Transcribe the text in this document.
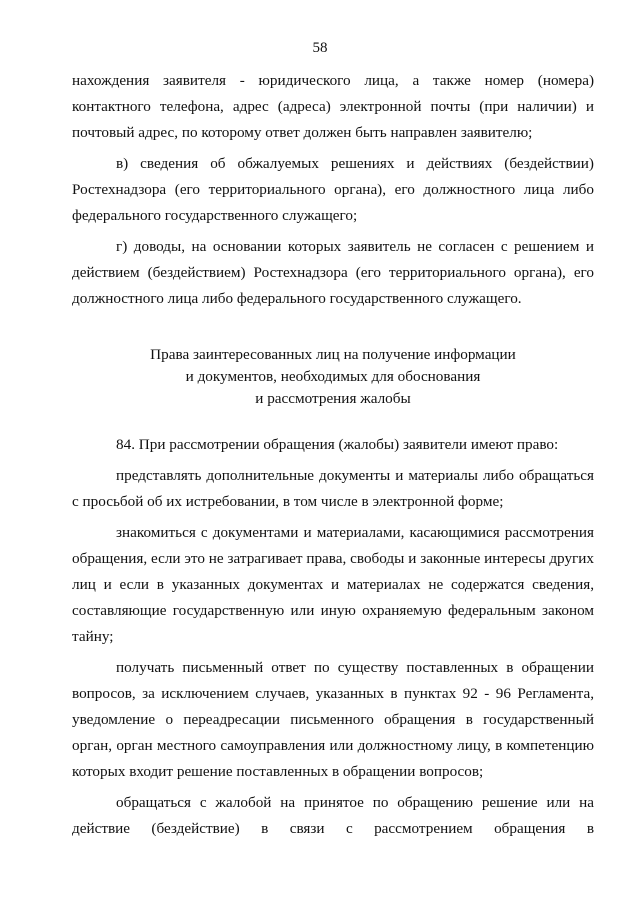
58

нахождения заявителя - юридического лица, а также номер (номера) контактного телефона, адрес (адреса) электронной почты (при наличии) и почтовый адрес, по которому ответ должен быть направлен заявителю;

в) сведения об обжалуемых решениях и действиях (бездействии) Ростехнадзора (его территориального органа), его должностного лица либо федерального государственного служащего;

г) доводы, на основании которых заявитель не согласен с решением и действием (бездействием) Ростехнадзора (его территориального органа), его должностного лица либо федерального государственного служащего.

Права заинтересованных лиц на получение информации
и документов, необходимых для обоснования
и рассмотрения жалобы

84. При рассмотрении обращения (жалобы) заявители имеют право:

представлять дополнительные документы и материалы либо обращаться с просьбой об их истребовании, в том числе в электронной форме;

знакомиться с документами и материалами, касающимися рассмотрения обращения, если это не затрагивает права, свободы и законные интересы других лиц и если в указанных документах и материалах не содержатся сведения, составляющие государственную или иную охраняемую федеральным законом тайну;

получать письменный ответ по существу поставленных в обращении вопросов, за исключением случаев, указанных в пунктах 92 - 96 Регламента, уведомление о переадресации письменного обращения в государственный орган, орган местного самоуправления или должностному лицу, в компетенцию которых входит решение поставленных в обращении вопросов;

обращаться с жалобой на принятое по обращению решение или на действие (бездействие) в связи с рассмотрением обращения в
